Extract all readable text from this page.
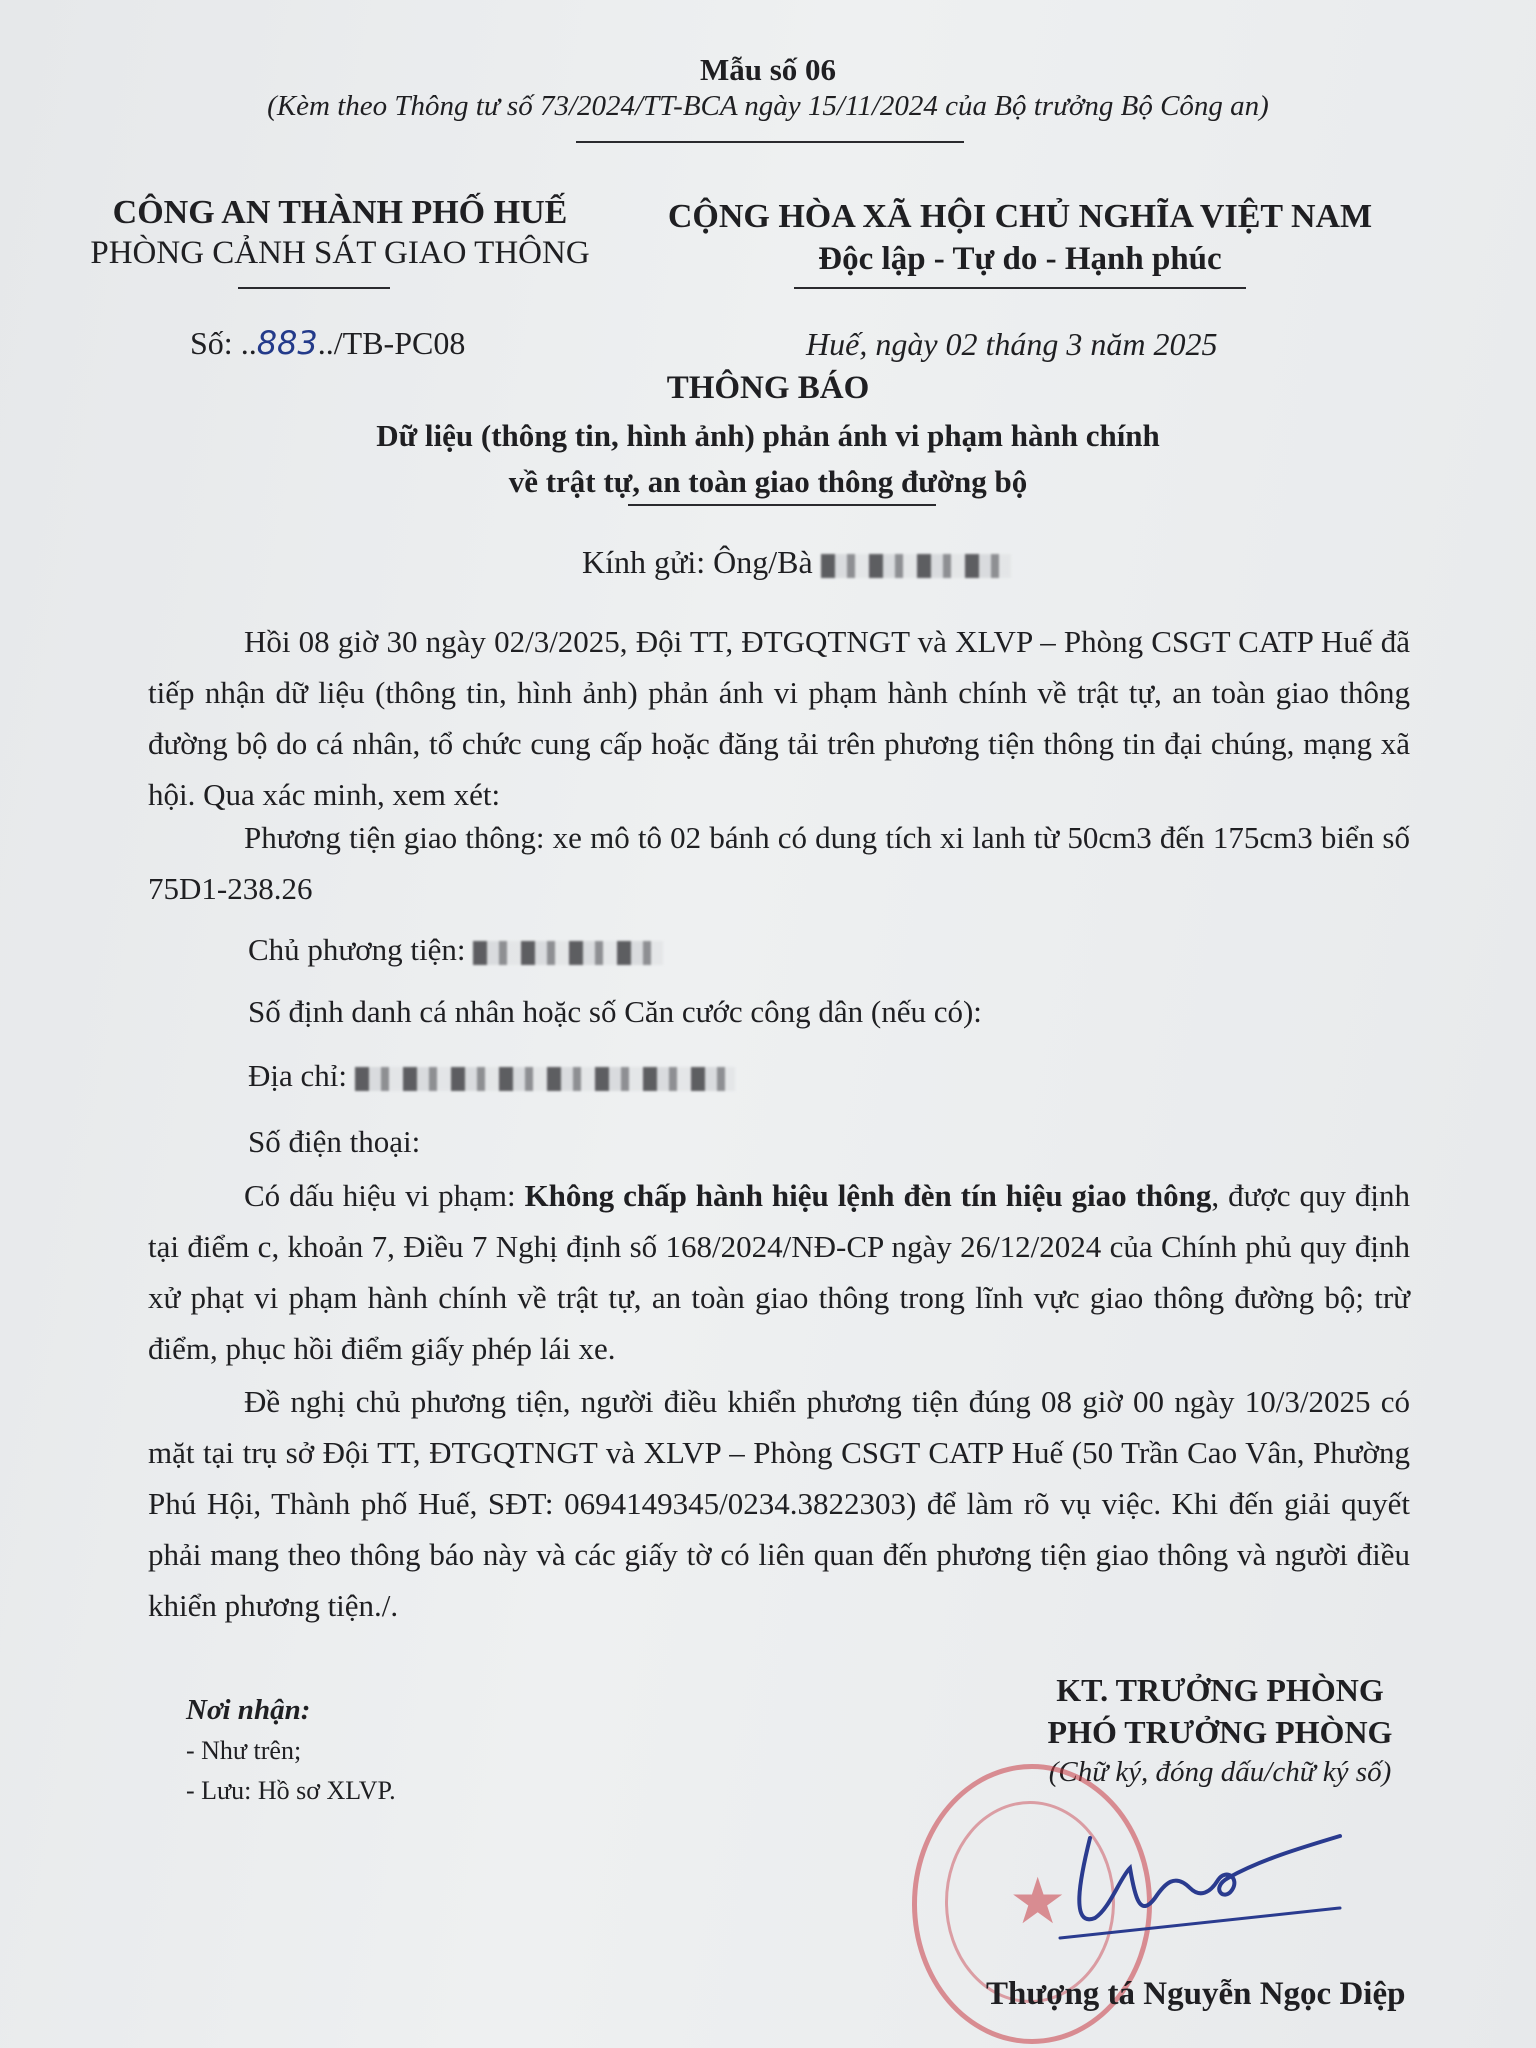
Mẫu số 06
(Kèm theo Thông tư số 73/2024/TT-BCA ngày 15/11/2024 của Bộ trưởng Bộ Công an)
CÔNG AN THÀNH PHỐ HUẾ
PHÒNG CẢNH SÁT GIAO THÔNG
CỘNG HÒA XÃ HỘI CHỦ NGHĨA VIỆT NAM
Độc lập - Tự do - Hạnh phúc
Số: ..883../TB-PC08	Huế, ngày 02 tháng 3 năm 2025
THÔNG BÁO
Dữ liệu (thông tin, hình ảnh) phản ánh vi phạm hành chính
về trật tự, an toàn giao thông đường bộ
Kính gửi: Ông/Bà
Hồi 08 giờ 30 ngày 02/3/2025, Đội TT, ĐTGQTNGT và XLVP – Phòng CSGT CATP Huế đã tiếp nhận dữ liệu (thông tin, hình ảnh) phản ánh vi phạm hành chính về trật tự, an toàn giao thông đường bộ do cá nhân, tổ chức cung cấp hoặc đăng tải trên phương tiện thông tin đại chúng, mạng xã hội. Qua xác minh, xem xét:
Phương tiện giao thông: xe mô tô 02 bánh có dung tích xi lanh từ 50cm3 đến 175cm3 biển số 75D1-238.26
Chủ phương tiện:
Số định danh cá nhân hoặc số Căn cước công dân (nếu có):
Địa chỉ:
Số điện thoại:
Có dấu hiệu vi phạm: Không chấp hành hiệu lệnh đèn tín hiệu giao thông, được quy định tại điểm c, khoản 7, Điều 7 Nghị định số 168/2024/NĐ-CP ngày 26/12/2024 của Chính phủ quy định xử phạt vi phạm hành chính về trật tự, an toàn giao thông trong lĩnh vực giao thông đường bộ; trừ điểm, phục hồi điểm giấy phép lái xe.
Đề nghị chủ phương tiện, người điều khiển phương tiện đúng 08 giờ 00 ngày 10/3/2025 có mặt tại trụ sở Đội TT, ĐTGQTNGT và XLVP – Phòng CSGT CATP Huế (50 Trần Cao Vân, Phường Phú Hội, Thành phố Huế, SĐT: 0694149345/0234.3822303) để làm rõ vụ việc. Khi đến giải quyết phải mang theo thông báo này và các giấy tờ có liên quan đến phương tiện giao thông và người điều khiển phương tiện./.
Nơi nhận:
- Như trên;
- Lưu: Hồ sơ XLVP.
KT. TRƯỞNG PHÒNG
PHÓ TRƯỞNG PHÒNG
(Chữ ký, đóng dấu/chữ ký số)
★
Thượng tá Nguyễn Ngọc Diệp
